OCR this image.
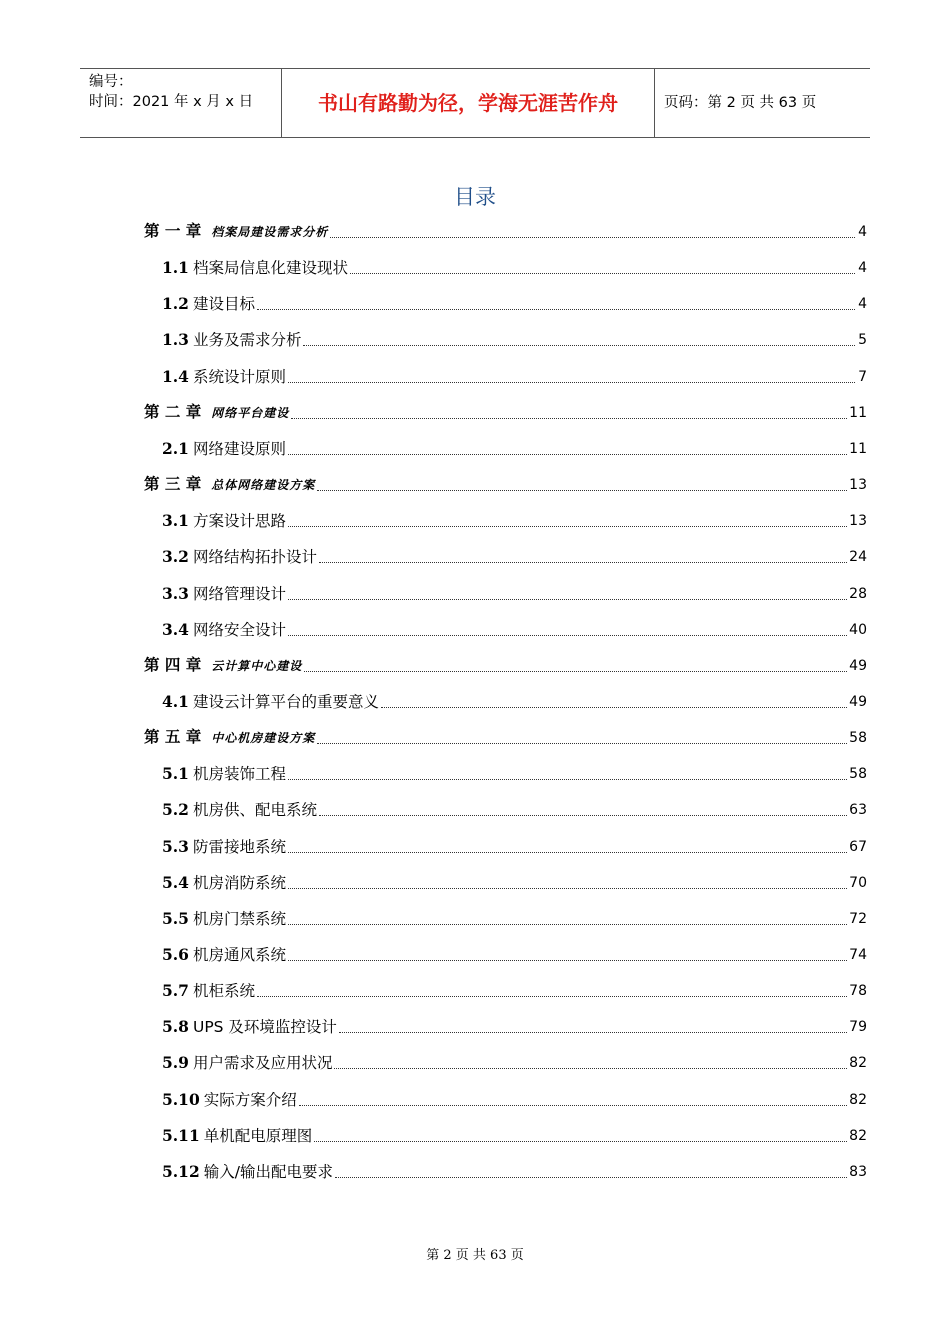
编号：
时间：2021 年 x 月 x 日	书山有路勤为径，学海无涯苦作舟	页码：第 2 页 共 63 页
目录
第 一 章 档案局建设需求分析	4
1.1 档案局信息化建设现状	4
1.2 建设目标	4
1.3 业务及需求分析	5
1.4 系统设计原则	7
第 二 章 网络平台建设	11
2.1 网络建设原则	11
第 三 章 总体网络建设方案	13
3.1 方案设计思路	13
3.2 网络结构拓扑设计	24
3.3 网络管理设计	28
3.4 网络安全设计	40
第 四 章 云计算中心建设	49
4.1 建设云计算平台的重要意义	49
第 五 章 中心机房建设方案	58
5.1 机房装饰工程	58
5.2 机房供、配电系统	63
5.3 防雷接地系统	67
5.4 机房消防系统	70
5.5 机房门禁系统	72
5.6 机房通风系统	74
5.7 机柜系统	78
5.8 UPS 及环境监控设计	79
5.9 用户需求及应用状况	82
5.10 实际方案介绍	82
5.11 单机配电原理图	82
5.12 输入/输出配电要求	83
第 2 页 共 63 页
